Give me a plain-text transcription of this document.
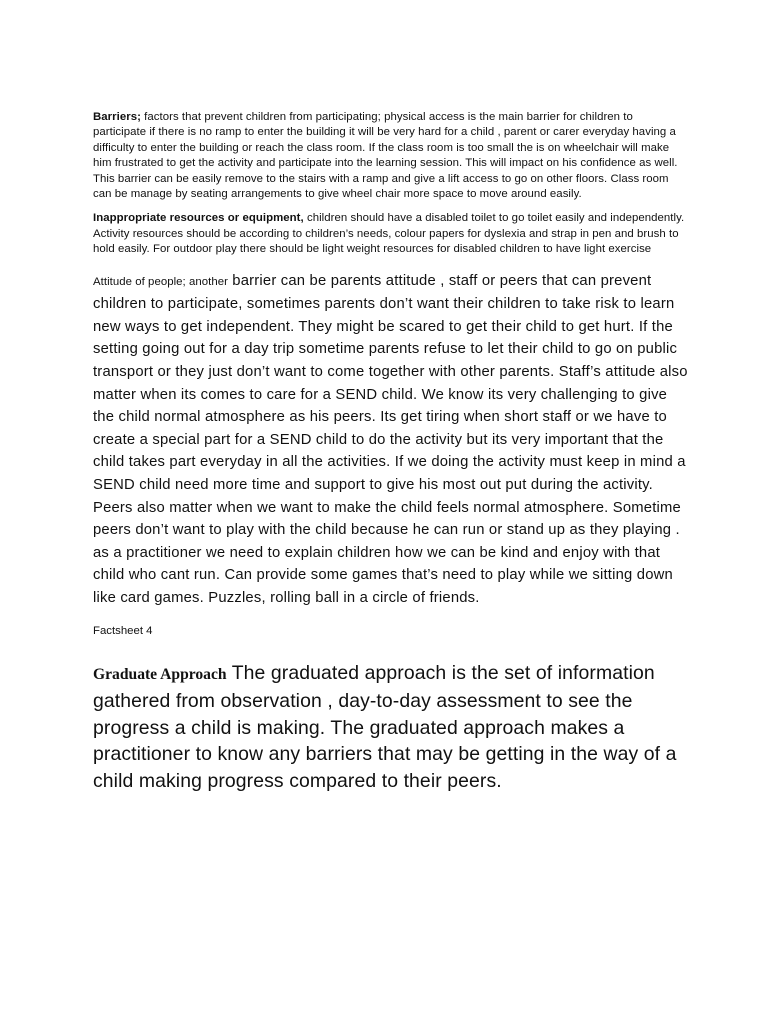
Barriers; factors that prevent children from participating; physical access is the main barrier for children to participate if there is no ramp to enter the building it will be very hard for a child , parent or carer everyday having a difficulty to enter the building or reach the class room. If the class room is too small the is on wheelchair will make him frustrated to get the activity and participate into the learning session. This will impact on his confidence as well. This barrier can be easily remove to the stairs with a ramp and give a lift access to go on other floors. Class room can be manage by seating arrangements to give wheel chair more space to move around easily.

Inappropriate resources or equipment, children should have a disabled toilet to go toilet easily and independently. Activity resources should be according to children’s needs, colour papers for dyslexia and strap in pen and brush to hold easily. For outdoor play there should be light weight resources for disabled children to have light exercise

Attitude of people; another barrier can be parents attitude , staff or peers that can prevent children to participate, sometimes parents don’t want their children to take risk to learn new ways to get independent. They might be scared to get their child to get hurt. If the setting going out for a day trip sometime parents refuse to let their child to go on public transport or they just don’t want to come together with other parents. Staff’s attitude also matter when its comes to care for a SEND child. We know its very challenging to give the child normal atmosphere as his peers. Its get tiring when short staff or we have to create a special part for a SEND child to do the activity but its very important that the child takes part everyday in all the activities. If we doing the activity must keep in mind a SEND child need more time and support to give his most out put during the activity. Peers also matter when we want to make the child feels normal atmosphere. Sometime peers don’t want to play with the child because he can run or stand up as they playing . as a practitioner we need to explain children how we can be kind and enjoy with that child who cant run. Can provide some games that’s need to play while we sitting down like card games. Puzzles, rolling ball in a circle of friends.

Factsheet 4

Graduate Approach The graduated approach is the set of information gathered from observation , day-to-day assessment to see the progress a child is making. The graduated approach makes a practitioner to know any barriers that may be getting in the way of a child making progress compared to their peers.
